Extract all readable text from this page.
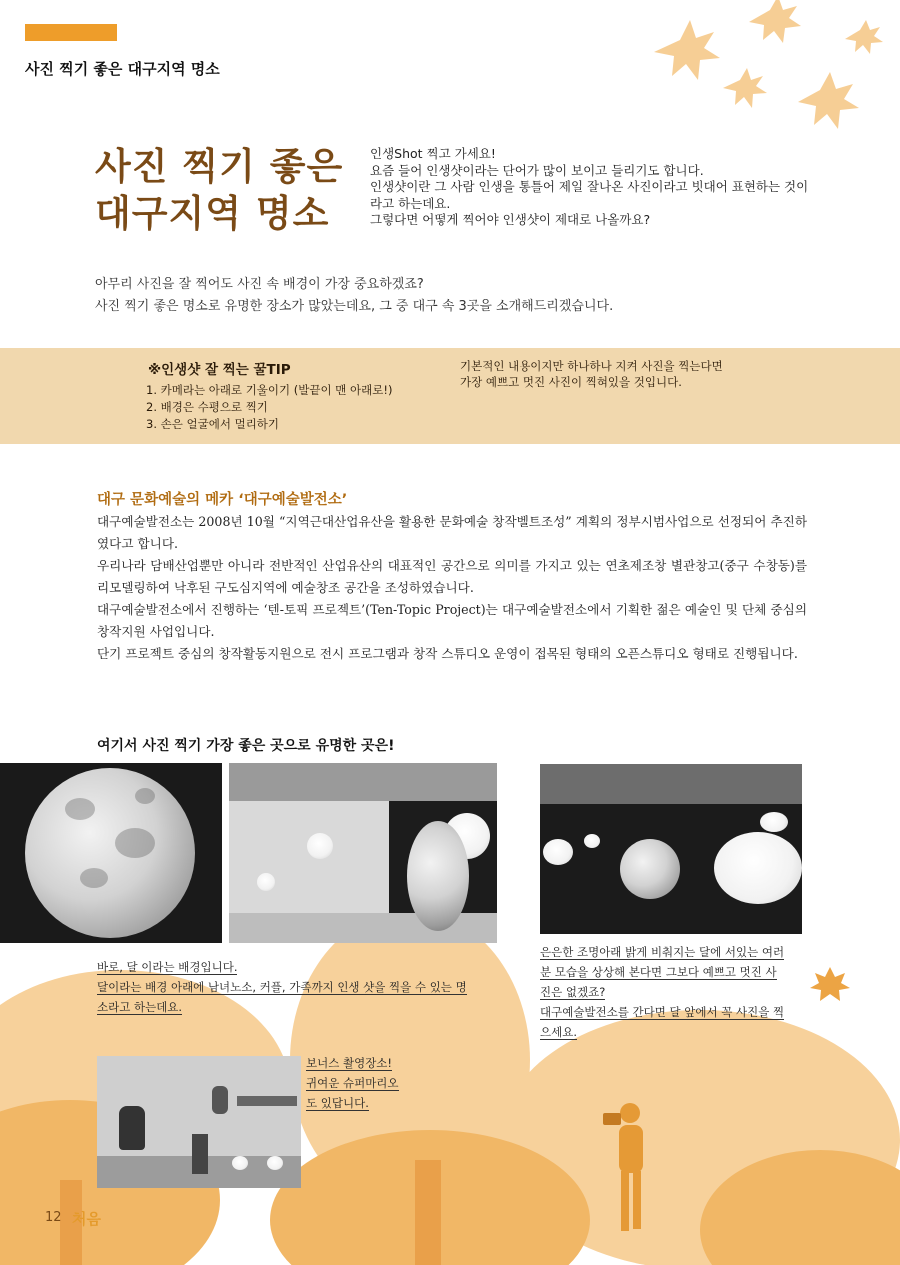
사진 찍기 좋은 대구지역 명소
사진 찍기 좋은
대구지역 명소
인생Shot 찍고 가세요!
요즘 들어 인생샷이라는 단어가 많이 보이고 들리기도 합니다.
인생샷이란 그 사람 인생을 통틀어 제일 잘나온 사진이라고 빗대어 표현하는 것이라고 하는데요.
그렇다면 어떻게 찍어야 인생샷이 제대로 나올까요?
아무리 사진을 잘 찍어도 사진 속 배경이 가장 중요하겠죠?
사진 찍기 좋은 명소로 유명한 장소가 많았는데요, 그 중 대구 속 3곳을 소개해드리겠습니다.
※인생샷 잘 찍는 꿀TIP
1. 카메라는 아래로 기울이기 (발끝이 맨 아래로!)
2. 배경은 수평으로 찍기
3. 손은 얼굴에서 멀리하기
기본적인 내용이지만 하나하나 지켜 사진을 찍는다면
가장 예쁘고 멋진 사진이 찍혀있을 것입니다.
대구 문화예술의 메카 ‘대구예술발전소’
대구예술발전소는 2008년 10월 “지역근대산업유산을 활용한 문화예술 창작벨트조성” 계획의 정부시범사업으로 선정되어 추진하였다고 합니다.
우리나라 담배산업뿐만 아니라 전반적인 산업유산의 대표적인 공간으로 의미를 가지고 있는 연초제조창 별관창고(중구 수창동)를 리모델링하여 낙후된 구도심지역에 예술창조 공간을 조성하였습니다.
대구예술발전소에서 진행하는 ‘텐-토픽 프로젝트’(Ten-Topic Project)는 대구예술발전소에서 기획한 젊은 예술인 및 단체 중심의 창작지원 사업입니다.
단기 프로젝트 중심의 창작활동지원으로 전시 프로그램과 창작 스튜디오 운영이 접목된 형태의 오픈스튜디오 형태로 진행됩니다.
여기서 사진 찍기 가장 좋은 곳으로 유명한 곳은!
바로, 달 이라는 배경입니다.
달이라는 배경 아래에 남녀노소, 커플, 가족까지 인생 샷을 찍을 수 있는 명
소라고 하는데요.
은은한 조명아래 밝게 비춰지는 달에 서있는 여러
분 모습을 상상해 본다면 그보다 예쁘고 멋진 사
진은 없겠죠?
대구예술발전소를 간다면 달 앞에서 꼭 사진을 찍
으세요.
보너스 촬영장소!
귀여운 슈퍼마리오
도 있답니다.
12 처음
